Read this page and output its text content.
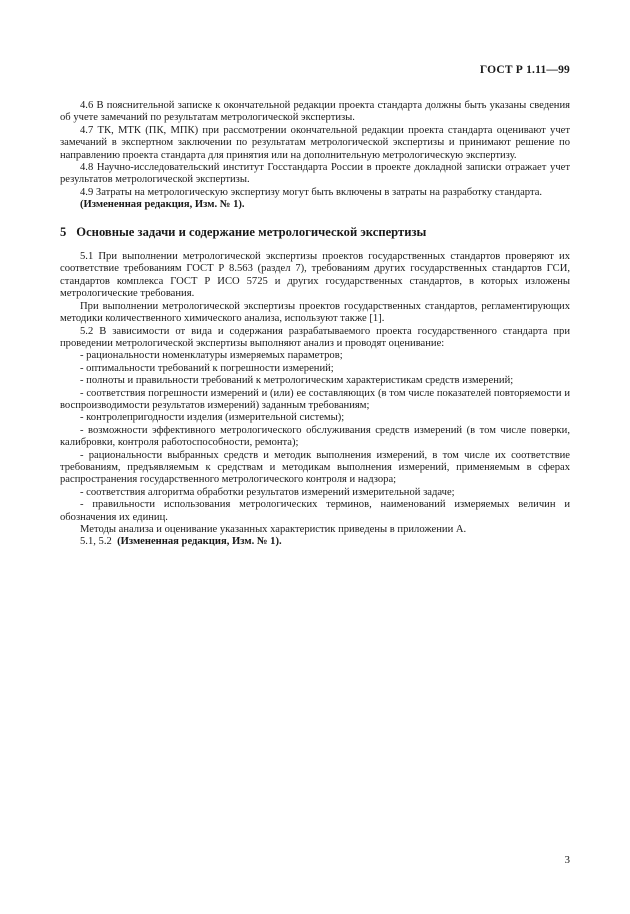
ГОСТ Р 1.11—99

4.6 В пояснительной записке к окончательной редакции проекта стандарта должны быть указаны сведения об учете замечаний по результатам метрологической экспертизы.

4.7 ТК, МТК (ПК, МПК) при рассмотрении окончательной редакции проекта стандарта оценивают учет замечаний в экспертном заключении по результатам метрологической экспертизы и принимают решение по направлению проекта стандарта для принятия или на дополнительную метрологическую экспертизу.

4.8 Научно-исследовательский институт Госстандарта России в проекте докладной записки отражает учет результатов метрологической экспертизы.

4.9 Затраты на метрологическую экспертизу могут быть включены в затраты на разработку стандарта.

(Измененная редакция, Изм. № 1).

5 Основные задачи и содержание метрологической экспертизы

5.1 При выполнении метрологической экспертизы проектов государственных стандартов проверяют их соответствие требованиям ГОСТ Р 8.563 (раздел 7), требованиям других государственных стандартов ГСИ, стандартов комплекса ГОСТ Р ИСО 5725 и других государственных стандартов, в которых изложены метрологические требования.

При выполнении метрологической экспертизы проектов государственных стандартов, регламентирующих методики количественного химического анализа, используют также [1].

5.2 В зависимости от вида и содержания разрабатываемого проекта государственного стандарта при проведении метрологической экспертизы выполняют анализ и проводят оценивание:

- рациональности номенклатуры измеряемых параметров;

- оптимальности требований к погрешности измерений;

- полноты и правильности требований к метрологическим характеристикам средств измерений;

- соответствия погрешности измерений и (или) ее составляющих (в том числе показателей повторяемости и воспроизводимости результатов измерений) заданным требованиям;

- контролепригодности изделия (измерительной системы);

- возможности эффективного метрологического обслуживания средств измерений (в том числе поверки, калибровки, контроля работоспособности, ремонта);

- рациональности выбранных средств и методик выполнения измерений, в том числе их соответствие требованиям, предъявляемым к средствам и методикам выполнения измерений, применяемым в сферах распространения государственного метрологического контроля и надзора;

- соответствия алгоритма обработки результатов измерений измерительной задаче;

- правильности использования метрологических терминов, наименований измеряемых величин и обозначения их единиц.

Методы анализа и оценивание указанных характеристик приведены в приложении А.

5.1, 5.2 (Измененная редакция, Изм. № 1).

3
